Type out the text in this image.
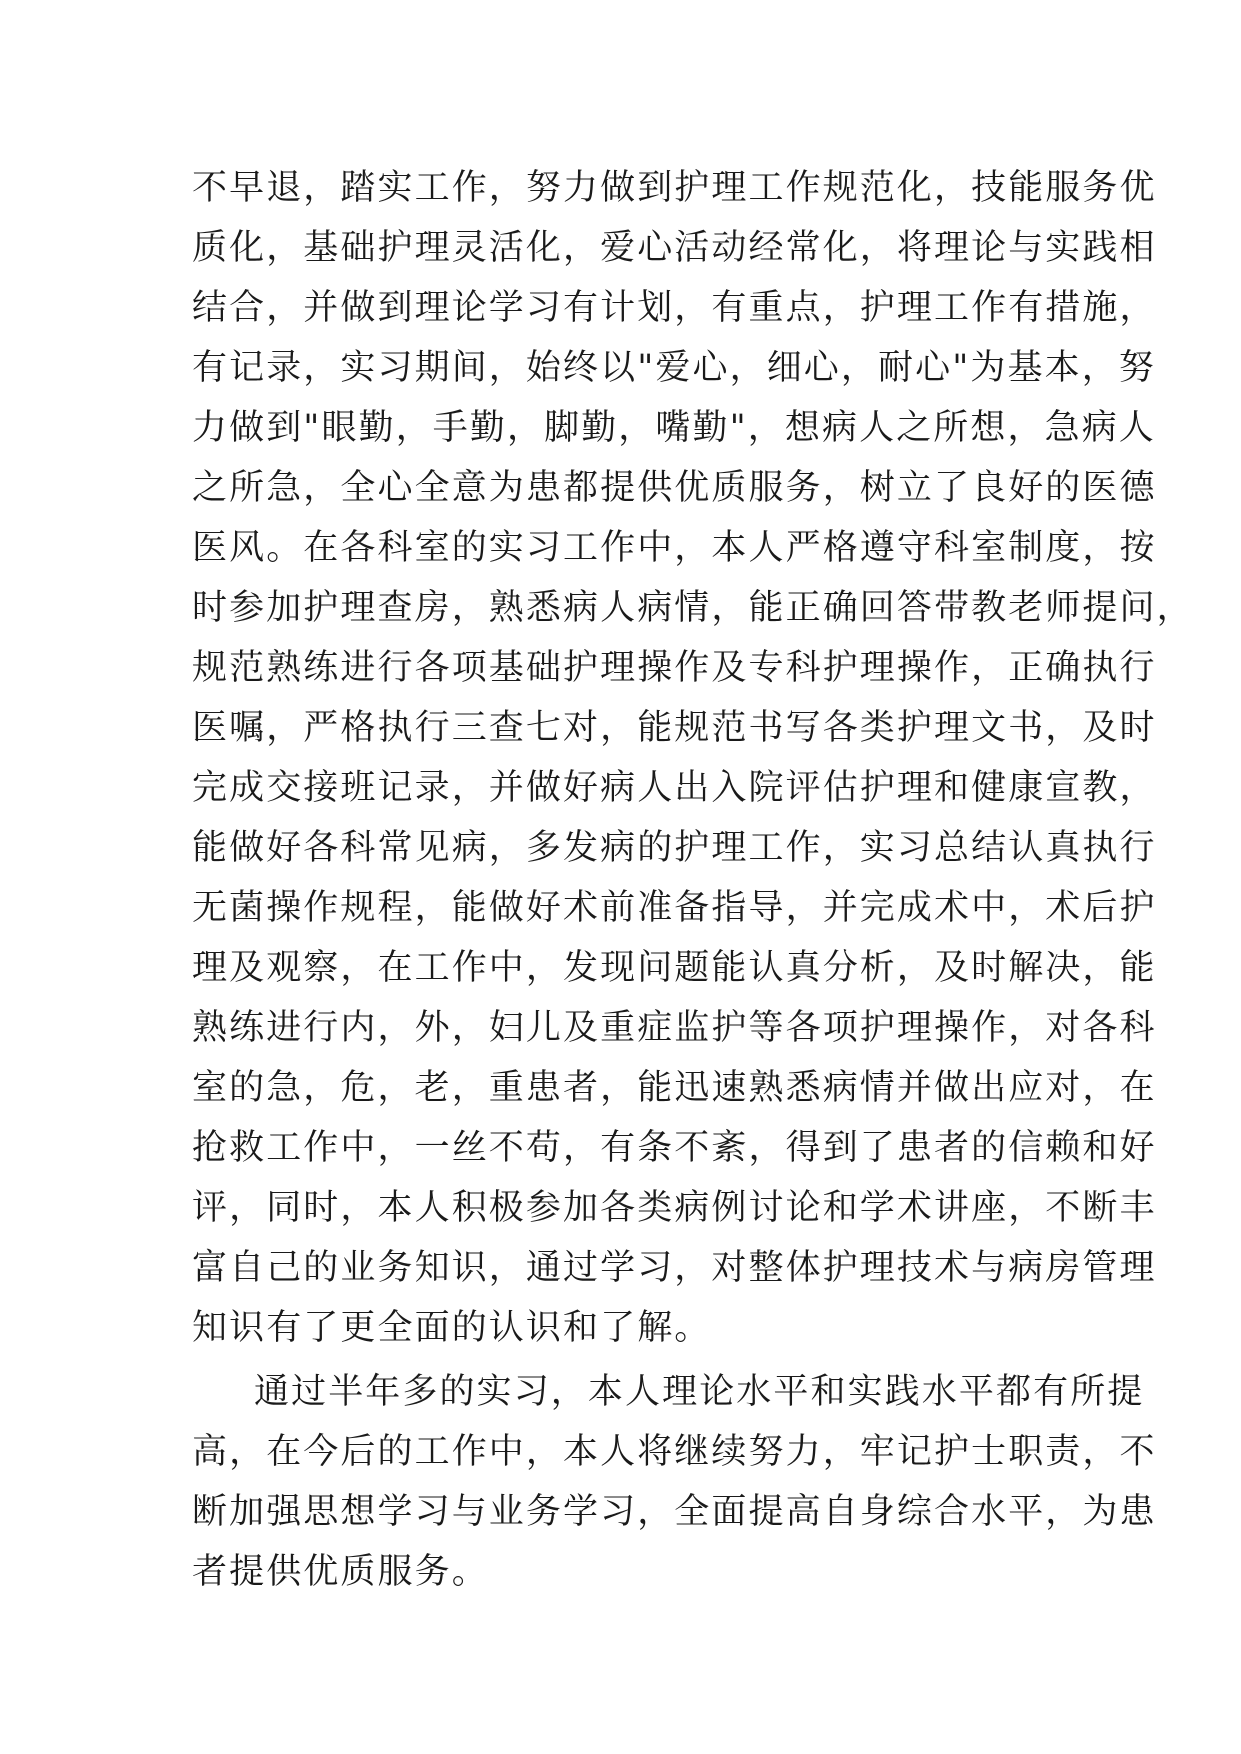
不早退，踏实工作，努力做到护理工作规范化，技能服务优
质化，基础护理灵活化，爱心活动经常化，将理论与实践相
结合，并做到理论学习有计划，有重点，护理工作有措施，
有记录，实习期间，始终以"爱心，细心，耐心"为基本，努
力做到"眼勤，手勤，脚勤，嘴勤"，想病人之所想，急病人
之所急，全心全意为患都提供优质服务，树立了良好的医德
医风。在各科室的实习工作中，本人严格遵守科室制度，按
时参加护理查房，熟悉病人病情，能正确回答带教老师提问，
规范熟练进行各项基础护理操作及专科护理操作，正确执行
医嘱，严格执行三查七对，能规范书写各类护理文书，及时
完成交接班记录，并做好病人出入院评估护理和健康宣教，
能做好各科常见病，多发病的护理工作，实习总结认真执行
无菌操作规程，能做好术前准备指导，并完成术中，术后护
理及观察，在工作中，发现问题能认真分析，及时解决，能
熟练进行内，外，妇儿及重症监护等各项护理操作，对各科
室的急，危，老，重患者，能迅速熟悉病情并做出应对，在
抢救工作中，一丝不苟，有条不紊，得到了患者的信赖和好
评，同时，本人积极参加各类病例讨论和学术讲座，不断丰
富自己的业务知识，通过学习，对整体护理技术与病房管理
知识有了更全面的认识和了解。
通过半年多的实习，本人理论水平和实践水平都有所提
高，在今后的工作中，本人将继续努力，牢记护士职责，不
断加强思想学习与业务学习，全面提高自身综合水平，为患
者提供优质服务。
